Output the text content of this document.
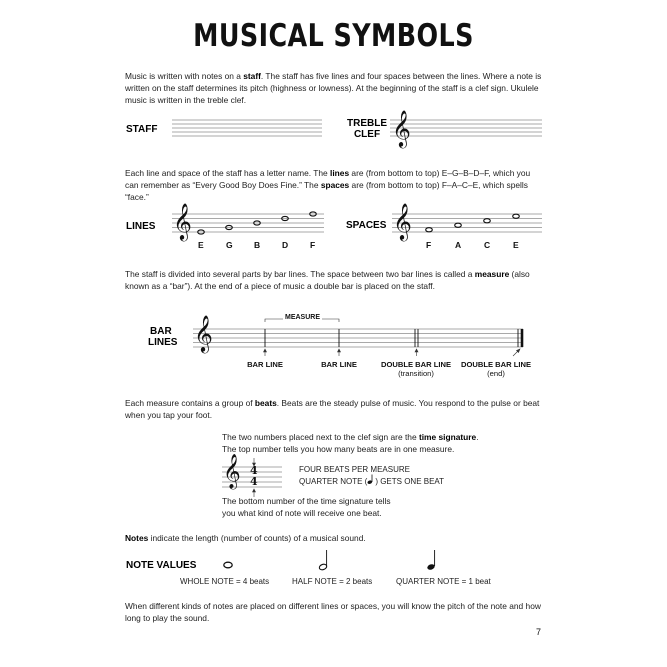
MUSICAL SYMBOLS
Music is written with notes on a staff. The staff has five lines and four spaces between the lines. Where a note is written on the staff determines its pitch (highness or lowness). At the beginning of the staff is a clef sign. Ukulele music is written in the treble clef.
STAFF
TREBLE
CLEF 𝄞
Each line and space of the staff has a letter name. The lines are (from bottom to top) E–G–B–D–F, which you can remember as “Every Good Boy Does Fine.” The spaces are (from bottom to top) F–A–C–E, which spells “face.”
LINES 𝄞
E	G	B	D	F
SPACES 𝄞
F	A	C	E
The staff is divided into several parts by bar lines. The space between two bar lines is called a measure (also known as a “bar”). At the end of a piece of music a double bar is placed on the staff.
BAR
LINES 𝄞	MEASURE
BAR LINE	BAR LINE	DOUBLE BAR LINE
(transition)
DOUBLE BAR LINE
(end)
Each measure contains a group of beats. Beats are the steady pulse of music. You respond to the pulse or beat when you tap your foot.
The two numbers placed next to the clef sign are the time signature.
The top number tells you how many beats are in one measure.
𝄞 4
4
FOUR BEATS PER MEASURE
QUARTER NOTE ( ) GETS ONE BEAT
The bottom number of the time signature tells
you what kind of note will receive one beat.
Notes indicate the length (number of counts) of a musical sound.
NOTE VALUES
WHOLE NOTE = 4 beats	HALF NOTE = 2 beats	QUARTER NOTE = 1 beat
When different kinds of notes are placed on different lines or spaces, you will know the pitch of the note and how long to play the sound.
7
